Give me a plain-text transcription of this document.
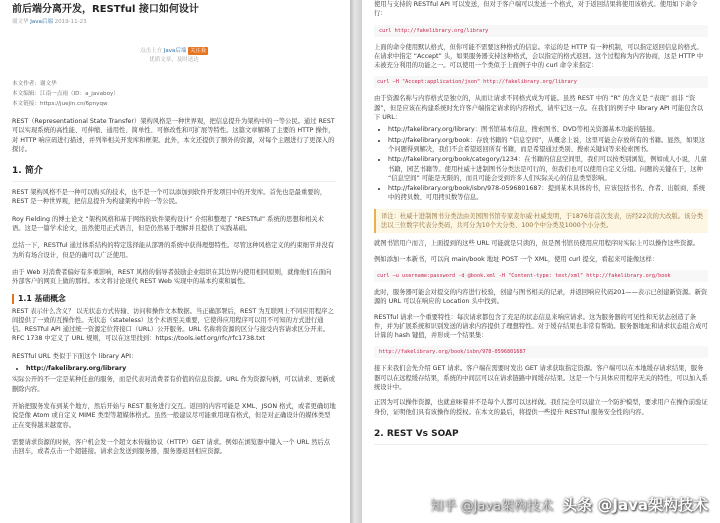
前后端分离开发，RESTful 接口如何设计
谢文华 Java后端 2019-11-23
点击上方 Java后端 关注我
优质文章，及时送达

本文作者：谢文华

本文编辑：江南一点雨（ID：a_javaboy）

本文链接：https://juejin.cn/6pnyqw

REST（Representational State Transfer）架构风格是一种世界观，把信息提升为架构中的一等公民。通过 REST 可以实现系统的高性能、可伸缩、通用性、简单性、可修改性和可扩展等特性。这篇文章解释了主要的 HTTP 操作，对 HTTP 响应码进行描述，并列举相关开发库和框架。此外，本文还提供了额外的资源，对每个主题进行了更深入的探讨。

1. 简介

REST 架构风格不是一种可以购买的技术，也不是一个可以添加到软件开发项目中的开发库。首先也是最重要的，REST 是一种世界观，把信息提升为构建架构中的一等公民。

Roy Fielding 的博士论文 “架构风格和基于网络的软件架构设计” 介绍和整理了 “RESTful” 系统的思想和相关术语。这是一篇学术论文，虽然使用正式语言，但是仍然易于理解并且提供了实践基础。

总结一下，RESTful 通过体系结构的特定选择能从部署的系统中获得理想特性。尽管这种风格定义的约束细节并没有为所有场合设计，但是的确可以广泛使用。

由于 Web 对消费者偏好有多重影响，REST 风格的倡导者鼓励企业组织在其边界内使用相同原则，就像他们在面向外部客户的网页上做的那样。本文将讨论现代 REST Web 实现中的基本约束和属性。

1.1 基础概念

REST 表示什么含义？ 以无状态方式传输、访问和操作文本数据。当正确部署后，REST 为互联网上不同应用程序之间提供了一致的互操作性。无状态（stateless）这个术语至关重要，它使得应用程序可以用不可知的方式进行通信。RESTful API 通过统一资源定位符接口（URL）公开服务。URL 名称将资源的区分与接受内容请求区分开来。RFC 1738 中定义了 URL 规则，可以在这里找到：https://tools.ietf.org/rfc/rfc1738.txt

RESTful URL 类似于下面这个 library API：

• http://fakelibrary.org/library

实际公开的不一定是某种任意的服务，而是代表对消费者有价值的信息资源。URL 作为资源句柄，可以请求、更新或删除内容。

开始把服务发布到某个地方，然后开始与 REST 服务进行交互。返回的内容可能是 XML、JSON 格式，或者更确切地说是像 Atom 或自定义 MIME 类型等超媒体格式。虽然一般建议尽可能重用现有格式，但是对正确设计的媒体类型正在变得越来越宽容。

需要请求资源的时候，客户机会发一个超文本传输协议（HTTP）GET 请求。例如在浏览器中键入一个 URL 然后点击回车，或者点击一个超链接。请求会发送到服务器，服务器返回相应资源。

使用与支持的 RESTful API 可以发送，但对于客户端可以发送一个格式，对于返回结果将使用该格式。使用如下命令行：

curl http://fakelibrary.org/library

上面的命令使用默认格式，但你可能不需要这种格式的信息。幸运的是 HTTP 有一种机制，可以指定返回信息的格式。在请求中指定 “Accept” 头，如果服务器支持这种格式，会以指定的格式返回。这个过程称为内容协商，这是 HTTP 中未被充分利用的功能之一。可以使用一个类似于上面例子中的 curl 命令来指定：

curl –H "Accept:application/json" http://fakelibrary.org/library

由于资源名称与内容格式是独立的，从而让请求不同格式成为可能。虽然 REST 中的 “R” 的含义是 “表现” 而非 “资源”，但是应该在构建系统时允许客户端指定请求的内容格式，请牢记这一点。在我们的例子中 library API 可能包含以下 URL：

• http://fakelibrary.org/library：图书馆基本信息，搜索图书、DVD等相关资源基本功能的链接。
• http://fakelibrary.org/book：存放书籍的 “信息空间”，从概念上说，这里可能会存放所有的书籍。显然，如果这个问题得到解决，我们不会希望返回所有书籍，而是希望通过类别、搜索关键词等来检索图书。
• http://fakelibrary.org/book/category/1234：在书籍的信息空间里，我们可以按类别浏览，例如成人小说，儿童书籍，园艺书籍等。使用杜威十进制图书分类法是可行的，但我们也可以使用自定义分组。问题的关键在于，这种 “信息空间” 可能是无限的，而且可能会受到许多人们实际关心的信息类型影响。
• http://fakelibrary.org/book/isbn/978-0596801687：提到某本具体的书，应该包括书名、作者、出版商、系统中的拷贝数、可用拷贝数等信息。

译注：杜威十进制图书分类法由美国图书馆专家麦尔威·杜威发明，于1876年首次发表，历经22次的大改版。该分类法以三位数字代表分类码，共可分为10个大分类、100个中分类及1000个小分类。

就图书馆用户而言，上面提到的这些 URL 可能就是只读的，但是图书馆员使用应用程序时实际上可以操作这些资源。

例如添加一本新书，可以向 main/book 地址 POST 一个 XML，使用 curl 提交，看起来可能像这样：

curl –u username:password -d @book.xml -H "Content-type: text/xml" http://fakelibrary.org/book

此时，服务器可能会对提交的内容进行校验，创建与图书相关的记录，并返回响应代码201——表示已创建新资源。新资源的 URL 可以在响应的 Location 头中找到。

RESTful 请求一个重要特性：每次请求都包含了充足的状态信息来响应请求。这为服务器的可见性和无状态创造了条件，并为扩展系统和识别发送的请求内容提供了理想特性。对于缓存结果也非常有帮助。服务器地址和请求状态组合成可计算的 hash 键值，并形成一个结果集：

http://fakelibrary.org/book/isbn/978-0596801687

接下来我们会先介绍 GET 请求。客户端在需要时发出 GET 请求获取指定资源。客户端可以在本地缓存请求结果，服务器可以在远程缓存结果，系统的中间层可以在请求链路中间缓存结果。这是一个与具体应用程序无关的特性，可以加入系统设计中。

正因为可以操作资源，也就意味着并不是每个人都可以这样做。我们完全可以建立一个防护模型，要求用户在操作前验证身份，证明他们具有该操作的授权。在本文的最后，将提供一些提升 RESTful 服务安全性的内容。

2. REST Vs SOAP
知乎 @Java架构技术 头条 @Java架构技术
